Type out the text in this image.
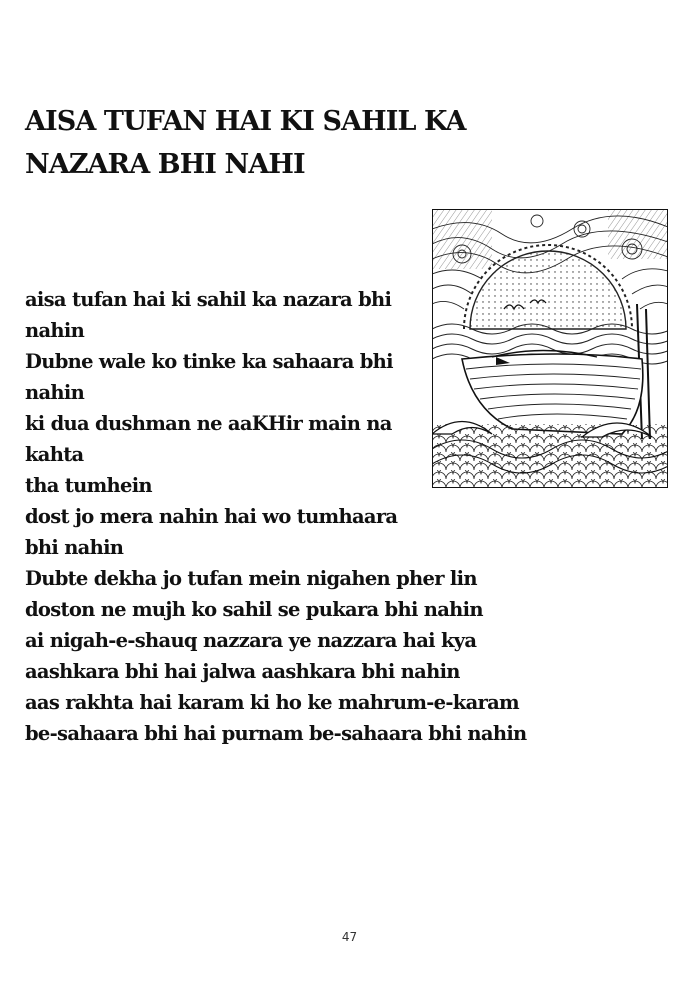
AISA TUFAN HAI KI SAHIL KA
NAZARA BHI NAHI
aisa tufan hai ki sahil ka nazara bhi
nahin
Dubne wale ko tinke ka sahaara bhi
nahin
ki dua dushman ne aaKHir main na
kahta
tha tumhein
dost jo mera nahin hai wo tumhaara
bhi nahin
Dubte dekha jo tufan mein nigahen pher lin
doston ne mujh ko sahil se pukara bhi nahin
ai nigah-e-shauq nazzara ye nazzara hai kya
aashkara bhi hai jalwa aashkara bhi nahin
aas rakhta hai karam ki ho ke mahrum-e-karam
be-sahaara bhi hai purnam be-sahaara bhi nahin
47
